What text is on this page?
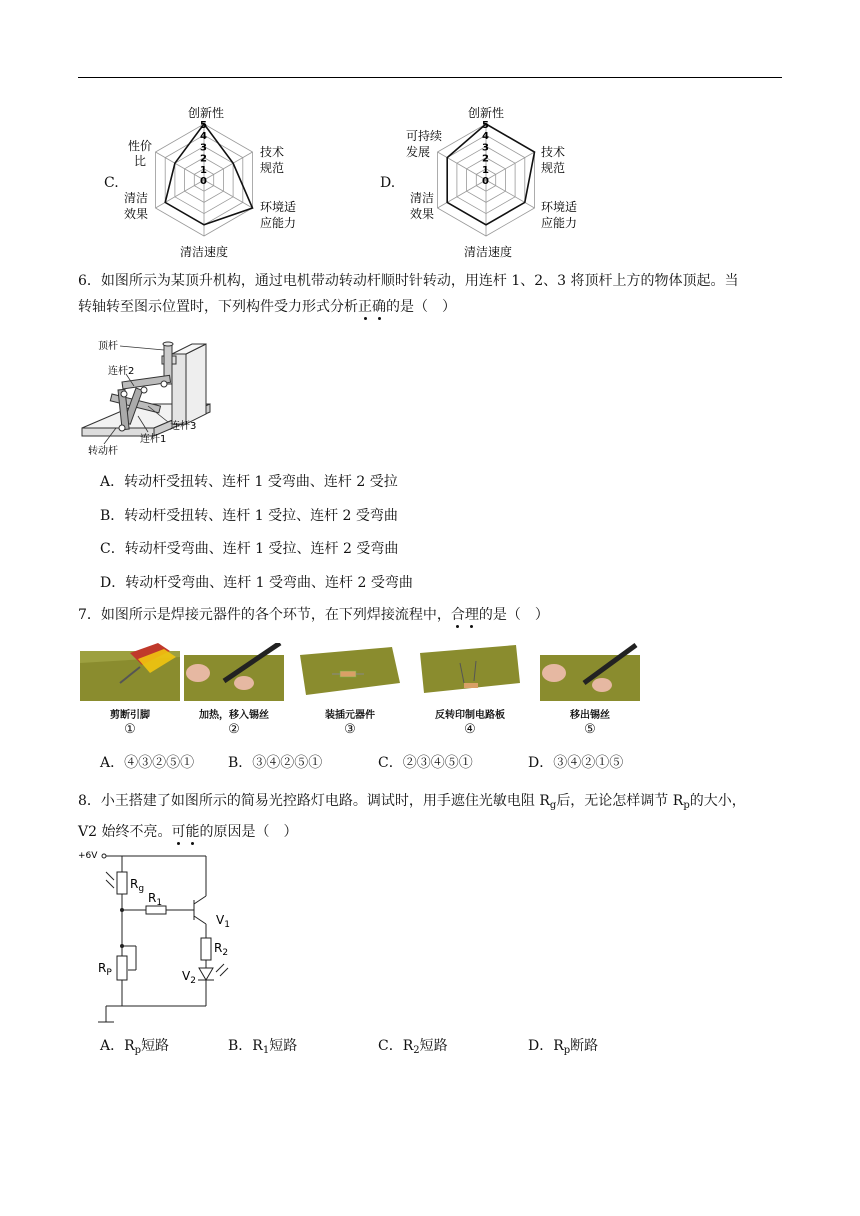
C.
5
4
3
2
1
0
创新性
技术
规范
环境适
应能力
清洁速度
清洁
效果
性价
比
D.
5
4
3
2
1
0
创新性
技术
规范
环境适
应能力
清洁速度
清洁
效果
可持续
发展
6．如图所示为某顶升机构，通过电机带动转动杆顺时针转动，用连杆 1、2、3 将顶杆上方的物体顶起。当
转轴转至图示位置时，下列构件受力形式分析正确的是（　）
顶杆
连杆2
连杆3
连杆1
转动杆
A．转动杆受扭转、连杆 1 受弯曲、连杆 2 受拉
B．转动杆受扭转、连杆 1 受拉、连杆 2 受弯曲
C．转动杆受弯曲、连杆 1 受拉、连杆 2 受弯曲
D．转动杆受弯曲、连杆 1 受弯曲、连杆 2 受弯曲
7．如图所示是焊接元器件的各个环节，在下列焊接流程中，合理的是（　）
剪断引脚	加热，移入锡丝	装插元器件	反转印制电路板	移出锡丝
①	②	③	④	⑤
A．④③②⑤① B．③④②⑤①	C．②③④⑤①	D．③④②①⑤
8．小王搭建了如图所示的简易光控路灯电路。调试时，用手遮住光敏电阻 $R_g$后，无论怎样调节 $R_p$的大小，
V2 始终不亮。可能的原因是（　）
+6V
$R_g$
$R_1$
$V_1$
$R_2$
$R_P$	$V_2$
A．$R_p$短路	B．$R_1$短路	C．$R_2$短路	D．$R_p$断路
